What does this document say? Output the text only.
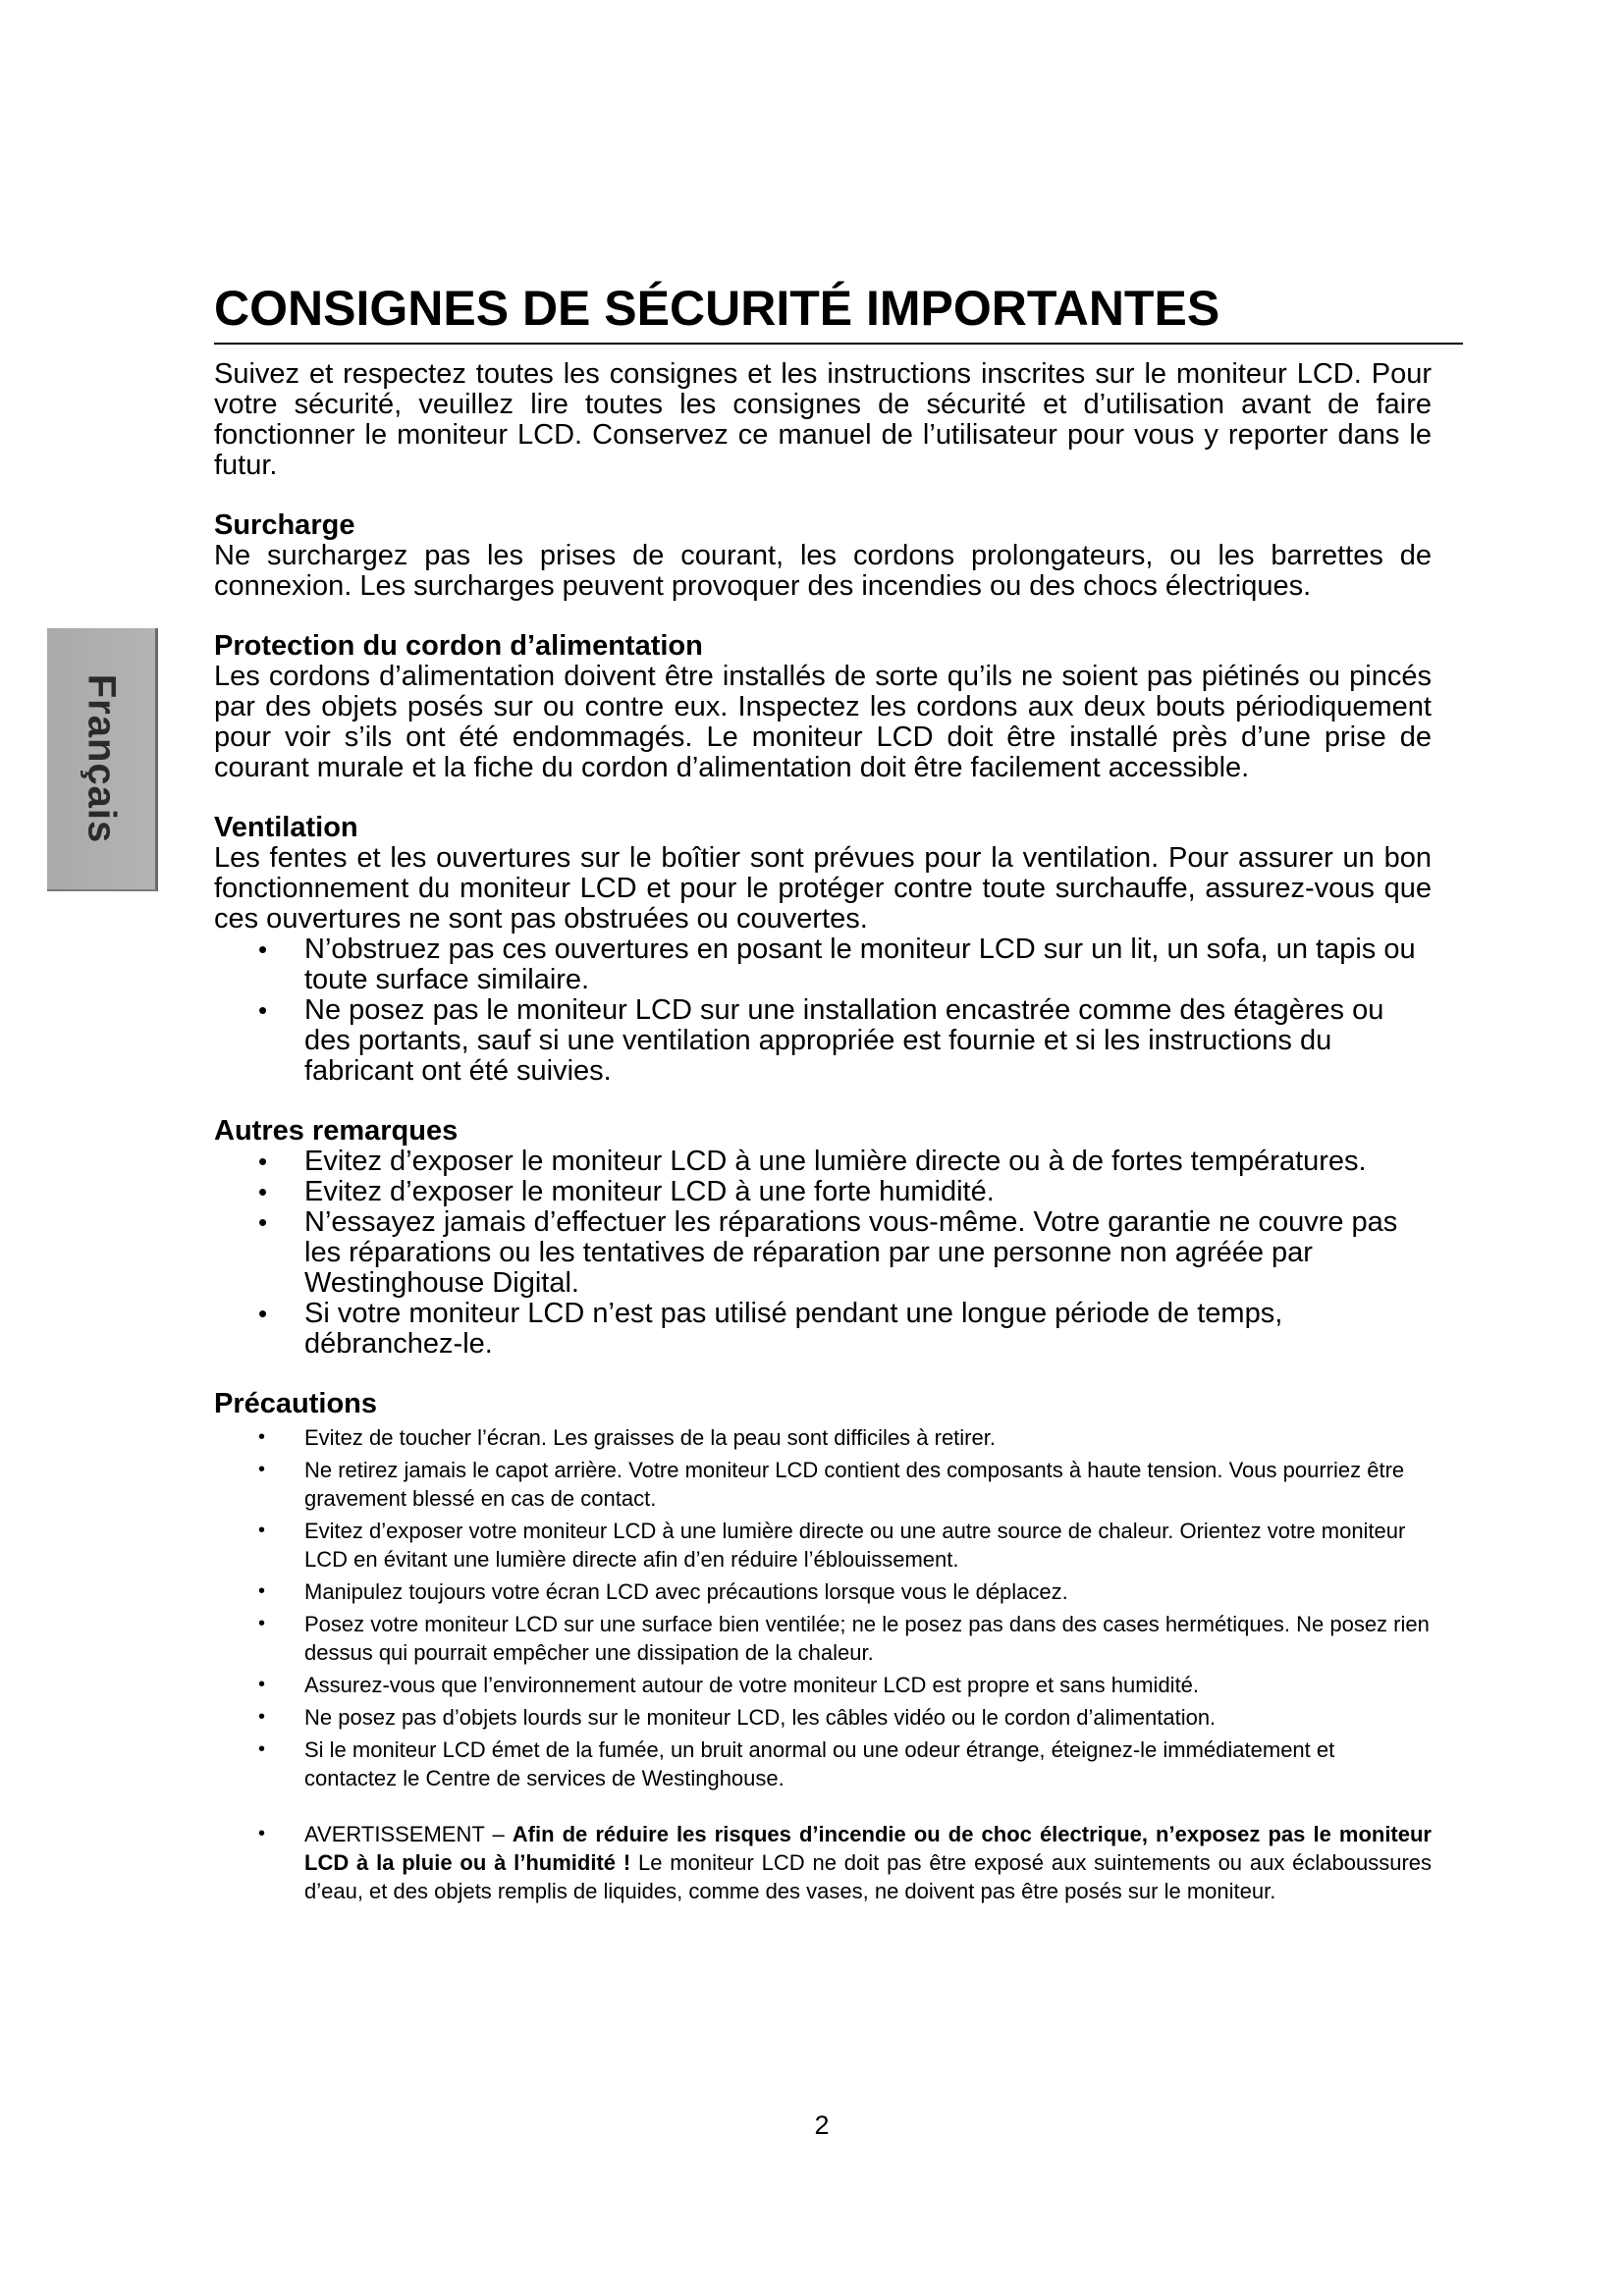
Français
CONSIGNES DE SÉCURITÉ IMPORTANTES

Suivez et respectez toutes les consignes et les instructions inscrites sur le moniteur LCD. Pour votre sécurité, veuillez lire toutes les consignes de sécurité et d’utilisation avant de faire fonctionner le moniteur LCD. Conservez ce manuel de l’utilisateur pour vous y reporter dans le futur.

Surcharge

Ne surchargez pas les prises de courant, les cordons prolongateurs, ou les barrettes de connexion. Les surcharges peuvent provoquer des incendies ou des chocs électriques.

Protection du cordon d’alimentation

Les cordons d’alimentation doivent être installés de sorte qu’ils ne soient pas piétinés ou pincés par des objets posés sur ou contre eux. Inspectez les cordons aux deux bouts périodiquement pour voir s’ils ont été endommagés. Le moniteur LCD doit être installé près d’une prise de courant murale et la fiche du cordon d’alimentation doit être facilement accessible.

Ventilation

Les fentes et les ouvertures sur le boîtier sont prévues pour la ventilation. Pour assurer un bon fonctionnement du moniteur LCD et pour le protéger contre toute surchauffe, assurez-vous que ces ouvertures ne sont pas obstruées ou couvertes.

• N’obstruez pas ces ouvertures en posant le moniteur LCD sur un lit, un sofa, un tapis ou toute surface similaire.
• Ne posez pas le moniteur LCD sur une installation encastrée comme des étagères ou des portants, sauf si une ventilation appropriée est fournie et si les instructions du fabricant ont été suivies.
Autres remarques
• Evitez d’exposer le moniteur LCD à une lumière directe ou à de fortes températures.
• Evitez d’exposer le moniteur LCD à une forte humidité.
• N’essayez jamais d’effectuer les réparations vous-même. Votre garantie ne couvre pas les réparations ou les tentatives de réparation par une personne non agréée par Westinghouse Digital.
• Si votre moniteur LCD n’est pas utilisé pendant une longue période de temps, débranchez-le.
Précautions
• Evitez de toucher l’écran. Les graisses de la peau sont difficiles à retirer.
• Ne retirez jamais le capot arrière. Votre moniteur LCD contient des composants à haute tension. Vous pourriez être gravement blessé en cas de contact.
• Evitez d’exposer votre moniteur LCD à une lumière directe ou une autre source de chaleur. Orientez votre moniteur LCD en évitant une lumière directe afin d’en réduire l’éblouissement.
• Manipulez toujours votre écran LCD avec précautions lorsque vous le déplacez.
• Posez votre moniteur LCD sur une surface bien ventilée; ne le posez pas dans des cases hermétiques. Ne posez rien dessus qui pourrait empêcher une dissipation de la chaleur.
• Assurez-vous que l’environnement autour de votre moniteur LCD est propre et sans humidité.
• Ne posez pas d’objets lourds sur le moniteur LCD, les câbles vidéo ou le cordon d’alimentation.
• Si le moniteur LCD émet de la fumée, un bruit anormal ou une odeur étrange, éteignez-le immédiatement et contactez le Centre de services de Westinghouse.
• AVERTISSEMENT – Afin de réduire les risques d’incendie ou de choc électrique, n’exposez pas le moniteur LCD à la pluie ou à l’humidité ! Le moniteur LCD ne doit pas être exposé aux suintements ou aux éclaboussures d’eau, et des objets remplis de liquides, comme des vases, ne doivent pas être posés sur le moniteur.
2
